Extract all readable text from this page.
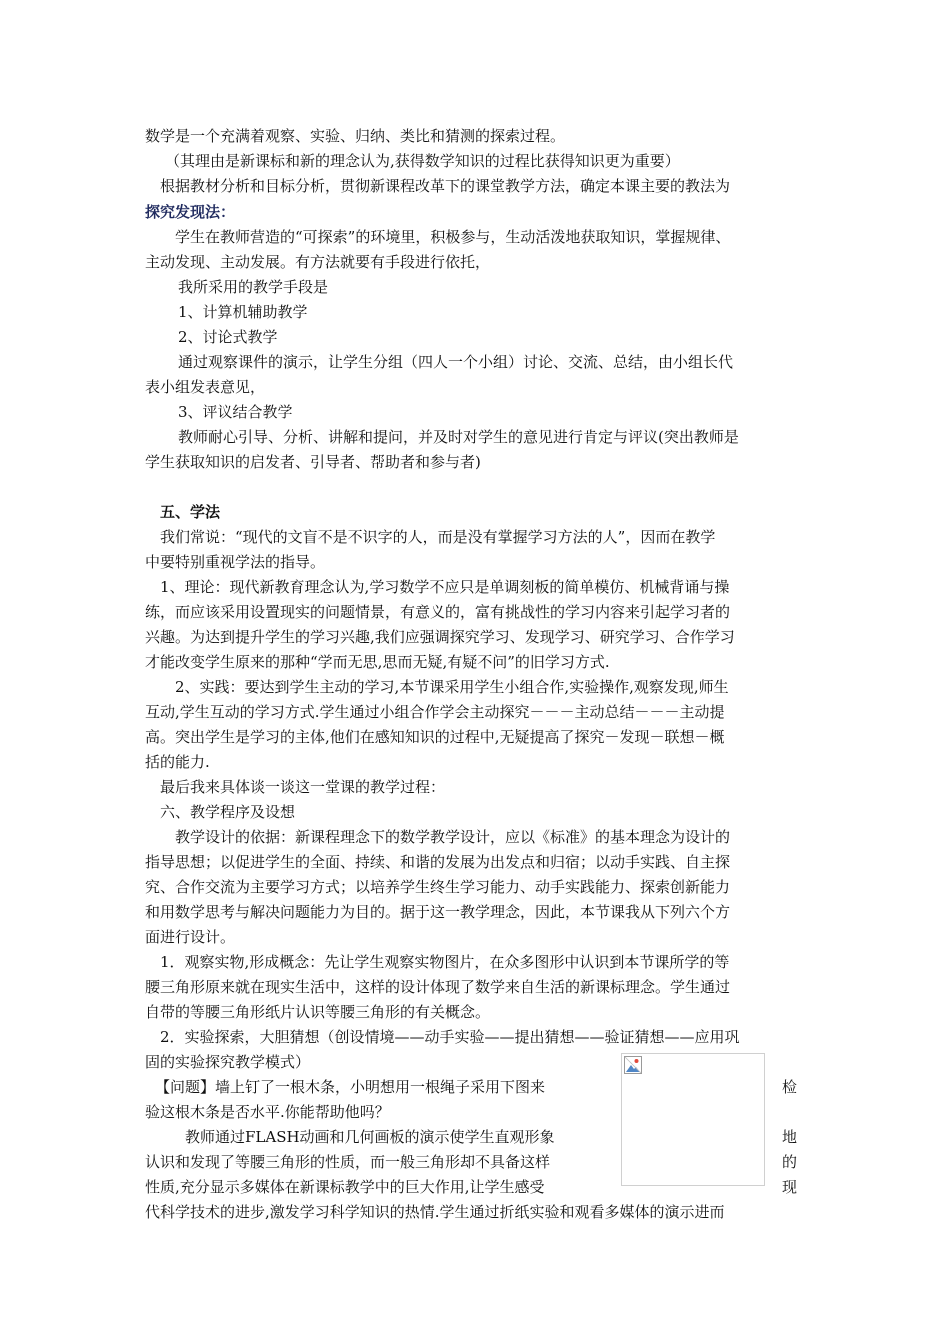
数学是一个充满着观察、实验、归纳、类比和猜测的探索过程。
（其理由是新课标和新的理念认为,获得数学知识的过程比获得知识更为重要）
根据教材分析和目标分析，贯彻新课程改革下的课堂教学方法，确定本课主要的教法为
探究发现法：
学生在教师营造的“可探索”的环境里，积极参与，生动活泼地获取知识，掌握规律、
主动发现、主动发展。有方法就要有手段进行依托，
我所采用的教学手段是
1、计算机辅助教学
2、讨论式教学
通过观察课件的演示，让学生分组（四人一个小组）讨论、交流、总结，由小组长代
表小组发表意见，
3、评议结合教学
教师耐心引导、分析、讲解和提问，并及时对学生的意见进行肯定与评议(突出教师是
学生获取知识的启发者、引导者、帮助者和参与者)
五、学法
我们常说：“现代的文盲不是不识字的人，而是没有掌握学习方法的人”，因而在教学
中要特别重视学法的指导。
1、理论：现代新教育理念认为,学习数学不应只是单调刻板的简单模仿、机械背诵与操
练，而应该采用设置现实的问题情景，有意义的，富有挑战性的学习内容来引起学习者的
兴趣。为达到提升学生的学习兴趣,我们应强调探究学习、发现学习、研究学习、合作学习
才能改变学生原来的那种“学而无思,思而无疑,有疑不问”的旧学习方式.
2、实践：要达到学生主动的学习,本节课采用学生小组合作,实验操作,观察发现,师生
互动,学生互动的学习方式.学生通过小组合作学会主动探究－－－主动总结－－－主动提
高。突出学生是学习的主体,他们在感知知识的过程中,无疑提高了探究－发现－联想－概
括的能力.
最后我来具体谈一谈这一堂课的教学过程：
六、教学程序及设想
教学设计的依据：新课程理念下的数学教学设计，应以《标准》的基本理念为设计的
指导思想；以促进学生的全面、持续、和谐的发展为出发点和归宿；以动手实践、自主探
究、合作交流为主要学习方式；以培养学生终生学习能力、动手实践能力、探索创新能力
和用数学思考与解决问题能力为目的。据于这一教学理念，因此，本节课我从下列六个方
面进行设计。
1．观察实物,形成概念：先让学生观察实物图片，在众多图形中认识到本节课所学的等
腰三角形原来就在现实生活中，这样的设计体现了数学来自生活的新课标理念。学生通过
自带的等腰三角形纸片认识等腰三角形的有关概念。
2．实验探索，大胆猜想（创设情境——动手实验——提出猜想——验证猜想——应用巩
固的实验探究教学模式）
【问题】墙上钉了一根木条，小明想用一根绳子采用下图来
验这根木条是否水平.你能帮助他吗？
教师通过FLASH动画和几何画板的演示使学生直观形象
认识和发现了等腰三角形的性质，而一般三角形却不具备这样
性质,充分显示多媒体在新课标教学中的巨大作用,让学生感受
代科学技术的进步,激发学习科学知识的热情.学生通过折纸实验和观看多媒体的演示进而
检
地
的
现
